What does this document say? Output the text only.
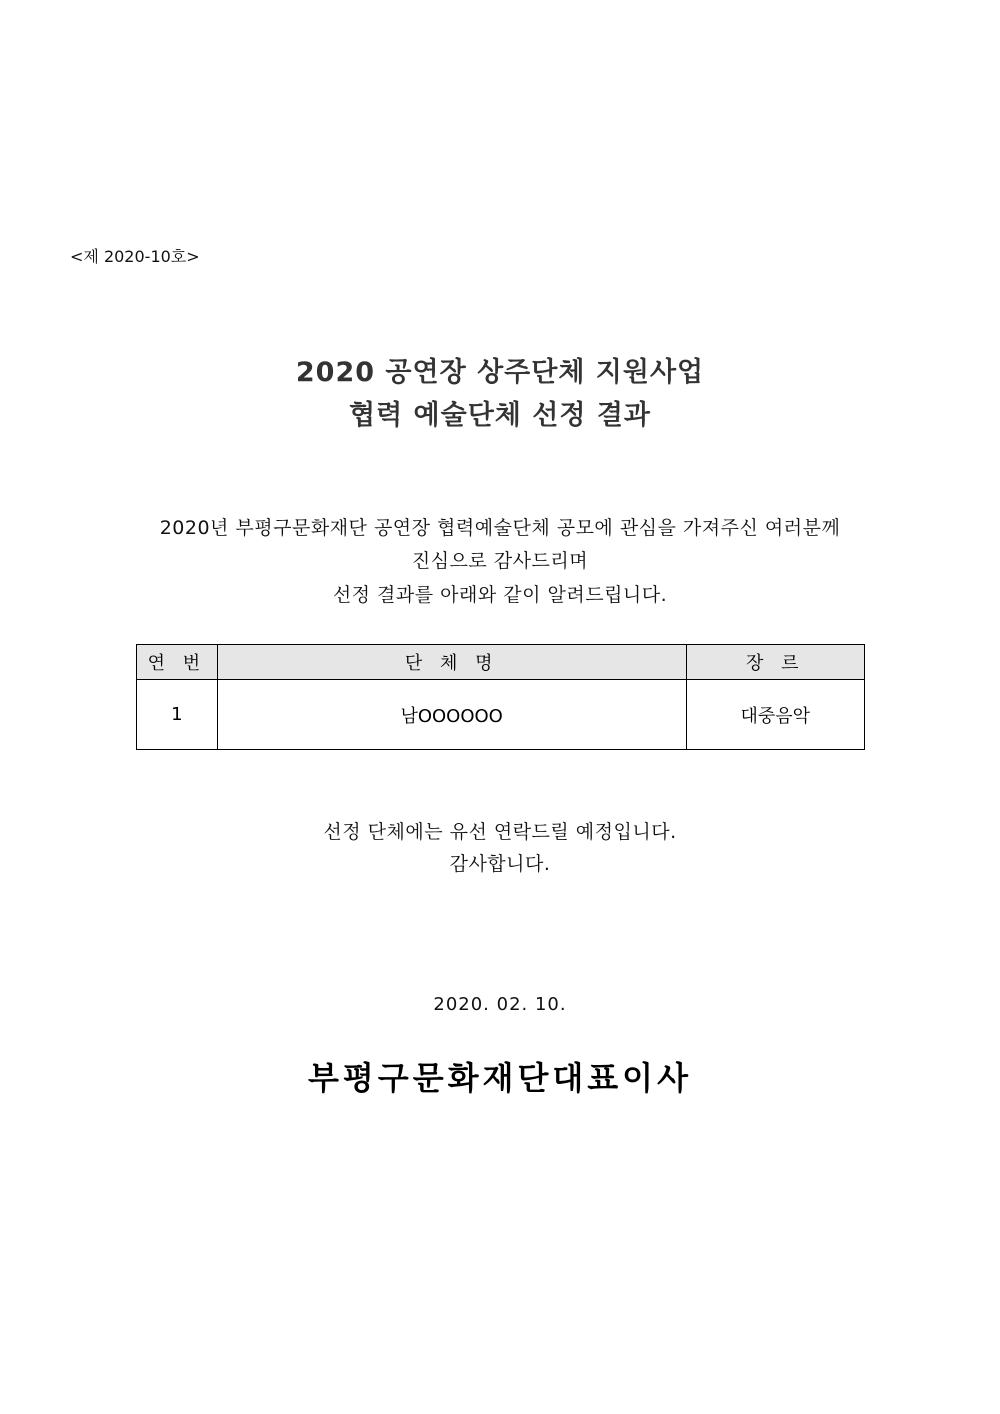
<제 2020-10호>
2020 공연장 상주단체 지원사업
협력 예술단체 선정 결과
2020년 부평구문화재단 공연장 협력예술단체 공모에 관심을 가져주신 여러분께
진심으로 감사드리며
선정 결과를 아래와 같이 알려드립니다.
연 번	단 체 명	장 르
1	남OOOOOO	대중음악
선정 단체에는 유선 연락드릴 예정입니다.
감사합니다.
2020. 02. 10.
부평구문화재단대표이사
